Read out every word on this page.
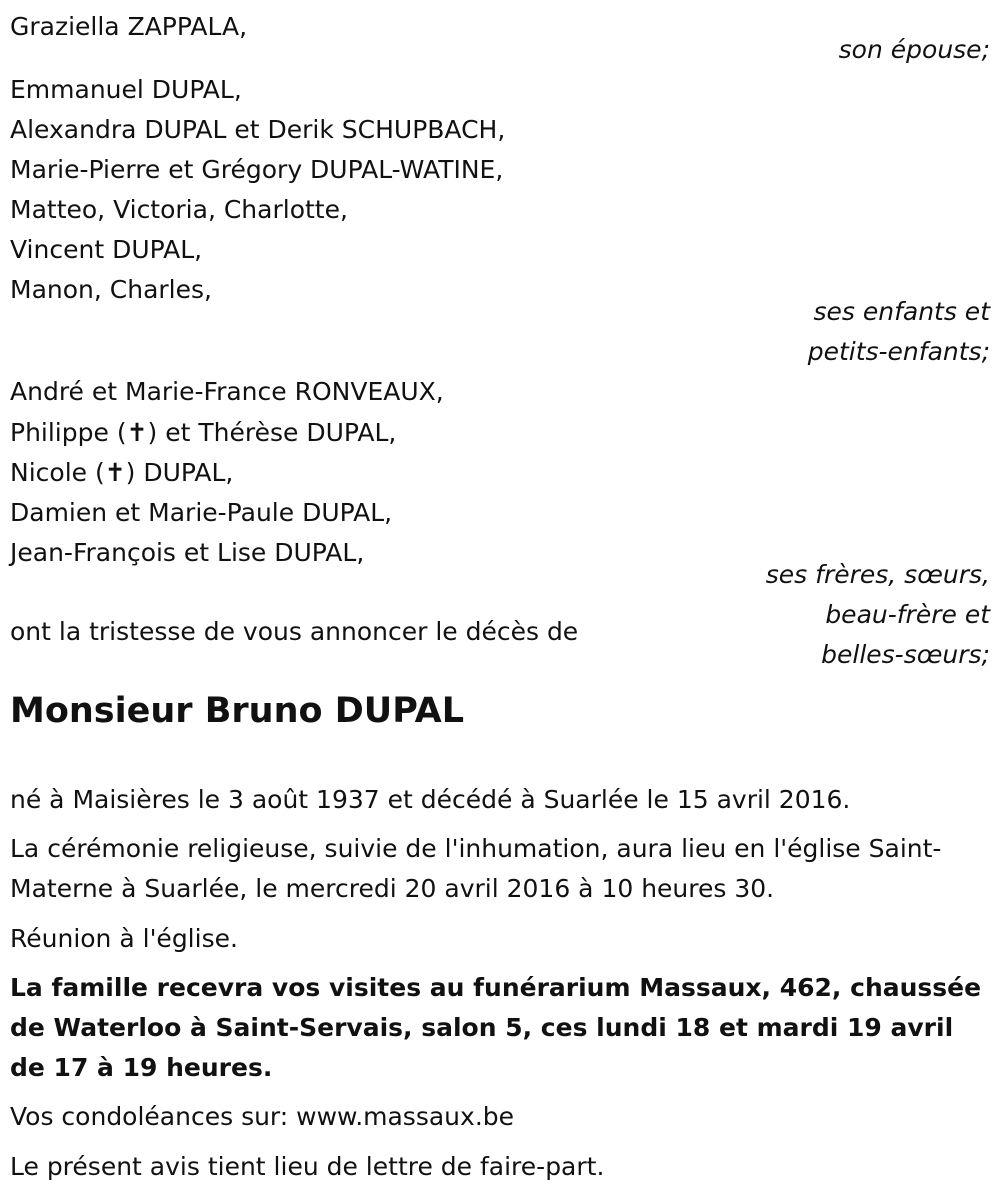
Graziella ZAPPALA,
son épouse;
Emmanuel DUPAL,
Alexandra DUPAL et Derik SCHUPBACH,
Marie-Pierre et Grégory DUPAL-WATINE,
Matteo, Victoria, Charlotte,
Vincent DUPAL,
Manon, Charles,
ses enfants et
petits-enfants;
André et Marie-France RONVEAUX,
Philippe (✝) et Thérèse DUPAL,
Nicole (✝) DUPAL,
Damien et Marie-Paule DUPAL,
Jean-François et Lise DUPAL,
ses frères, sœurs,
beau-frère et
belles-sœurs;
ont la tristesse de vous annoncer le décès de
Monsieur Bruno DUPAL
né à Maisières le 3 août 1937 et décédé à Suarlée le 15 avril 2016.
La cérémonie religieuse, suivie de l'inhumation, aura lieu en l'église Saint-Materne à Suarlée, le mercredi 20 avril 2016 à 10 heures 30.
Réunion à l'église.
La famille recevra vos visites au funérarium Massaux, 462, chaussée de Waterloo à Saint-Servais, salon 5, ces lundi 18 et mardi 19 avril de 17 à 19 heures.
Vos condoléances sur: www.massaux.be
Le présent avis tient lieu de lettre de faire-part.
